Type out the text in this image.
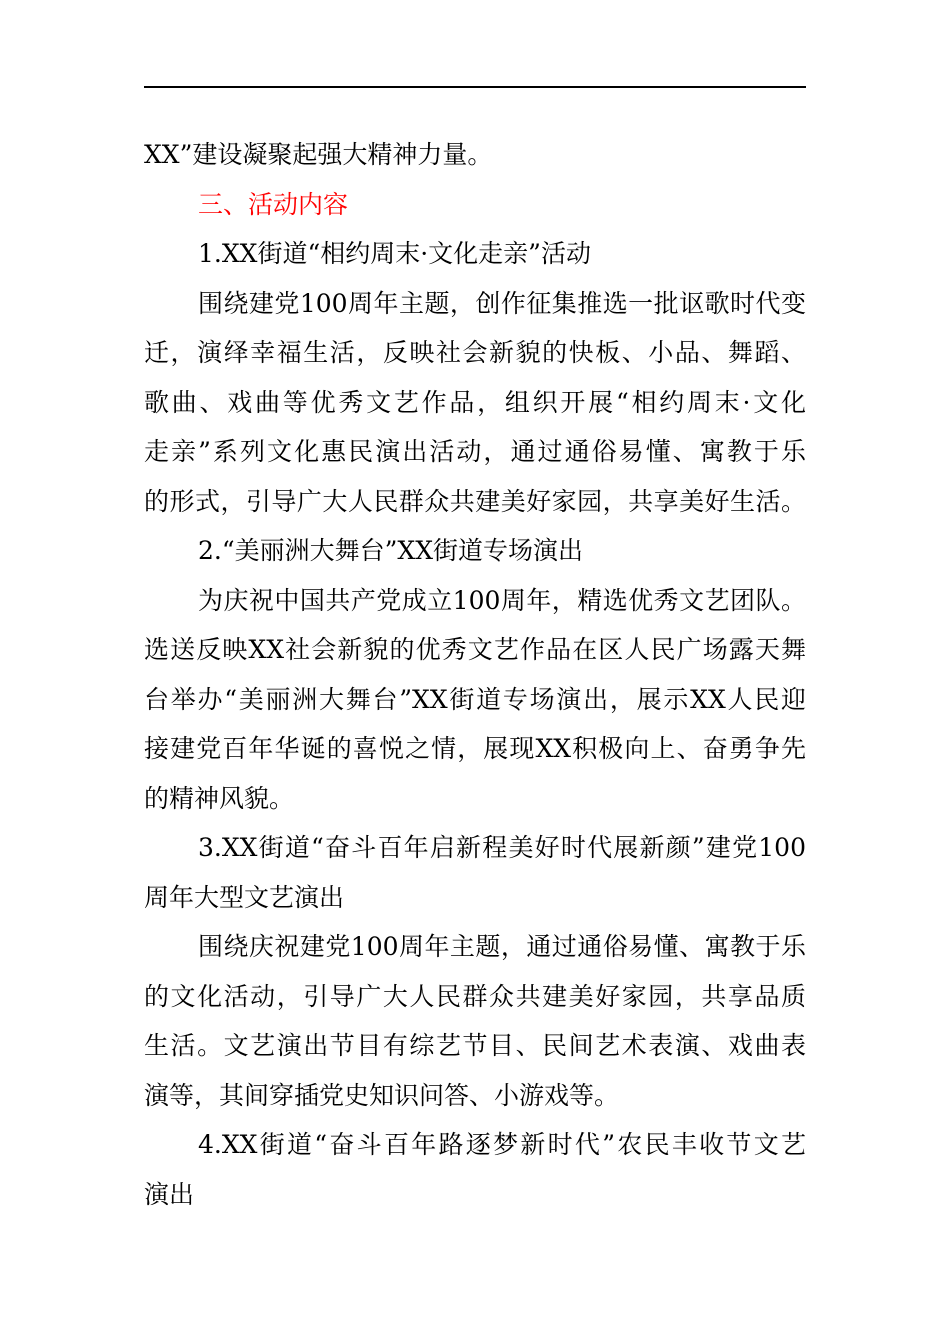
XX”建设凝聚起强大精神力量。
三、活动内容
1.XX街道“相约周末·文化走亲”活动
围绕建党100周年主题，创作征集推选一批讴歌时代变
迁，演绎幸福生活，反映社会新貌的快板、小品、舞蹈、
歌曲、戏曲等优秀文艺作品，组织开展“相约周末·文化
走亲”系列文化惠民演出活动，通过通俗易懂、寓教于乐
的形式，引导广大人民群众共建美好家园，共享美好生活。
2.“美丽洲大舞台”XX街道专场演出
为庆祝中国共产党成立100周年，精选优秀文艺团队。
选送反映XX社会新貌的优秀文艺作品在区人民广场露天舞
台举办“美丽洲大舞台”XX街道专场演出，展示XX人民迎
接建党百年华诞的喜悦之情，展现XX积极向上、奋勇争先
的精神风貌。
3.XX街道“奋斗百年启新程美好时代展新颜”建党100
周年大型文艺演出
围绕庆祝建党100周年主题，通过通俗易懂、寓教于乐
的文化活动，引导广大人民群众共建美好家园，共享品质
生活。文艺演出节目有综艺节目、民间艺术表演、戏曲表
演等，其间穿插党史知识问答、小游戏等。
4.XX街道“奋斗百年路逐梦新时代”农民丰收节文艺
演出
